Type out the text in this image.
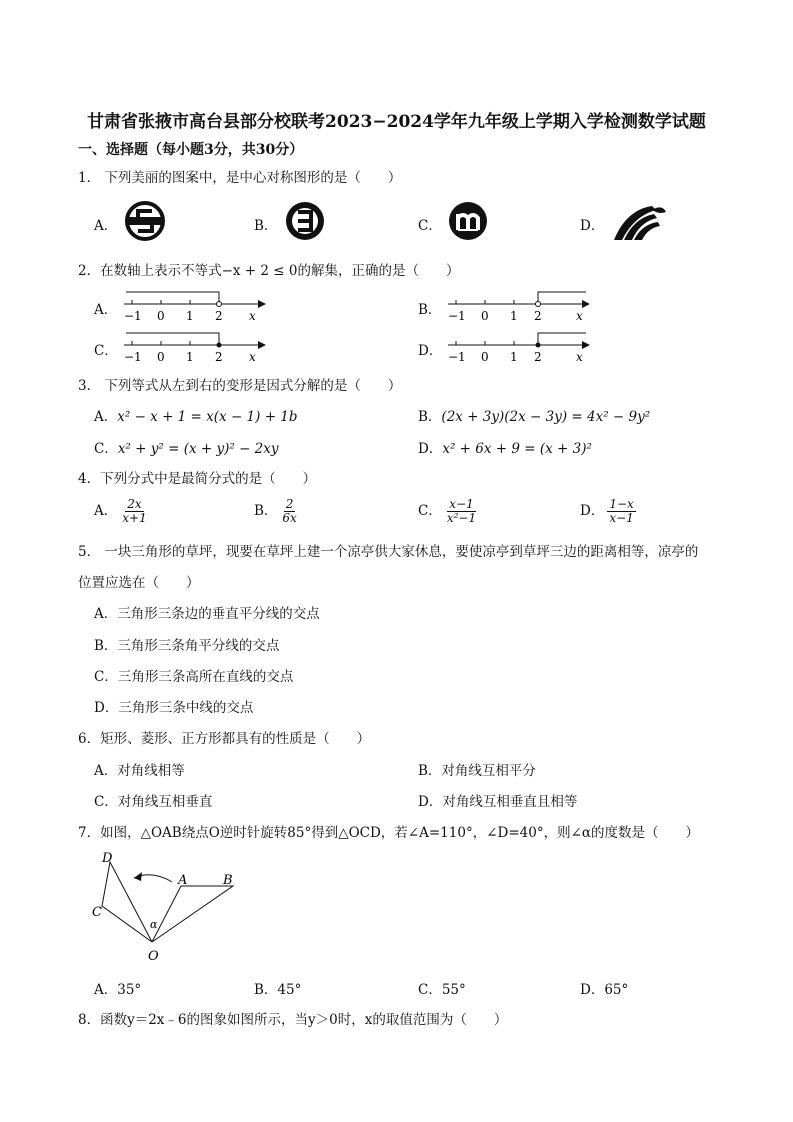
甘肃省张掖市高台县部分校联考2023−2024学年九年级上学期入学检测数学试题
一、选择题（每小题3分，共30分）
1． 下列美丽的图案中，是中心对称图形的是（　　）
A．	B．	C．	D．
2．在数轴上表示不等式−x + 2 ≤ 0的解集，正确的是（　　）
A． −1 0 1 2 x	B． −1 0 1 2	x
C． −1 0 1 2 x	D． −1 0 1 2	x
3． 下列等式从左到右的变形是因式分解的是（　　）
A．x² − x + 1 = x(x − 1) + 1b	B．(2x + 3y)(2x − 3y) = 4x² − 9y²
C．x² + y² = (x + y)² − 2xy	D．x² + 6x + 9 = (x + 3)²
4．下列分式中是最简分式的是（　　）
A． $\frac{2x}{x+1}$	B． $\frac{2}{6x}$	C． $\frac{x-1}{\text{x²−1}}$	D． $\frac{1-x}{x-1}$
5． 一块三角形的草坪，现要在草坪上建一个凉亭供大家休息，要使凉亭到草坪三边的距离相等，凉亭的
位置应选在（　　）
A．三角形三条边的垂直平分线的交点
B．三角形三条角平分线的交点
C．三角形三条高所在直线的交点
D．三角形三条中线的交点
6．矩形、菱形、正方形都具有的性质是（　　）
A．对角线相等	B．对角线互相平分
C．对角线互相垂直	D．对角线互相垂直且相等
7．如图，△OAB绕点O逆时针旋转85°得到△OCD，若∠A=110°，∠D=40°，则∠α的度数是（　　）
D
C
A	B
O
α
A．35°	B．45°	C．55°	D．65°
8．函数y＝2x﹣6的图象如图所示，当y＞0时，x的取值范围为（　　）
